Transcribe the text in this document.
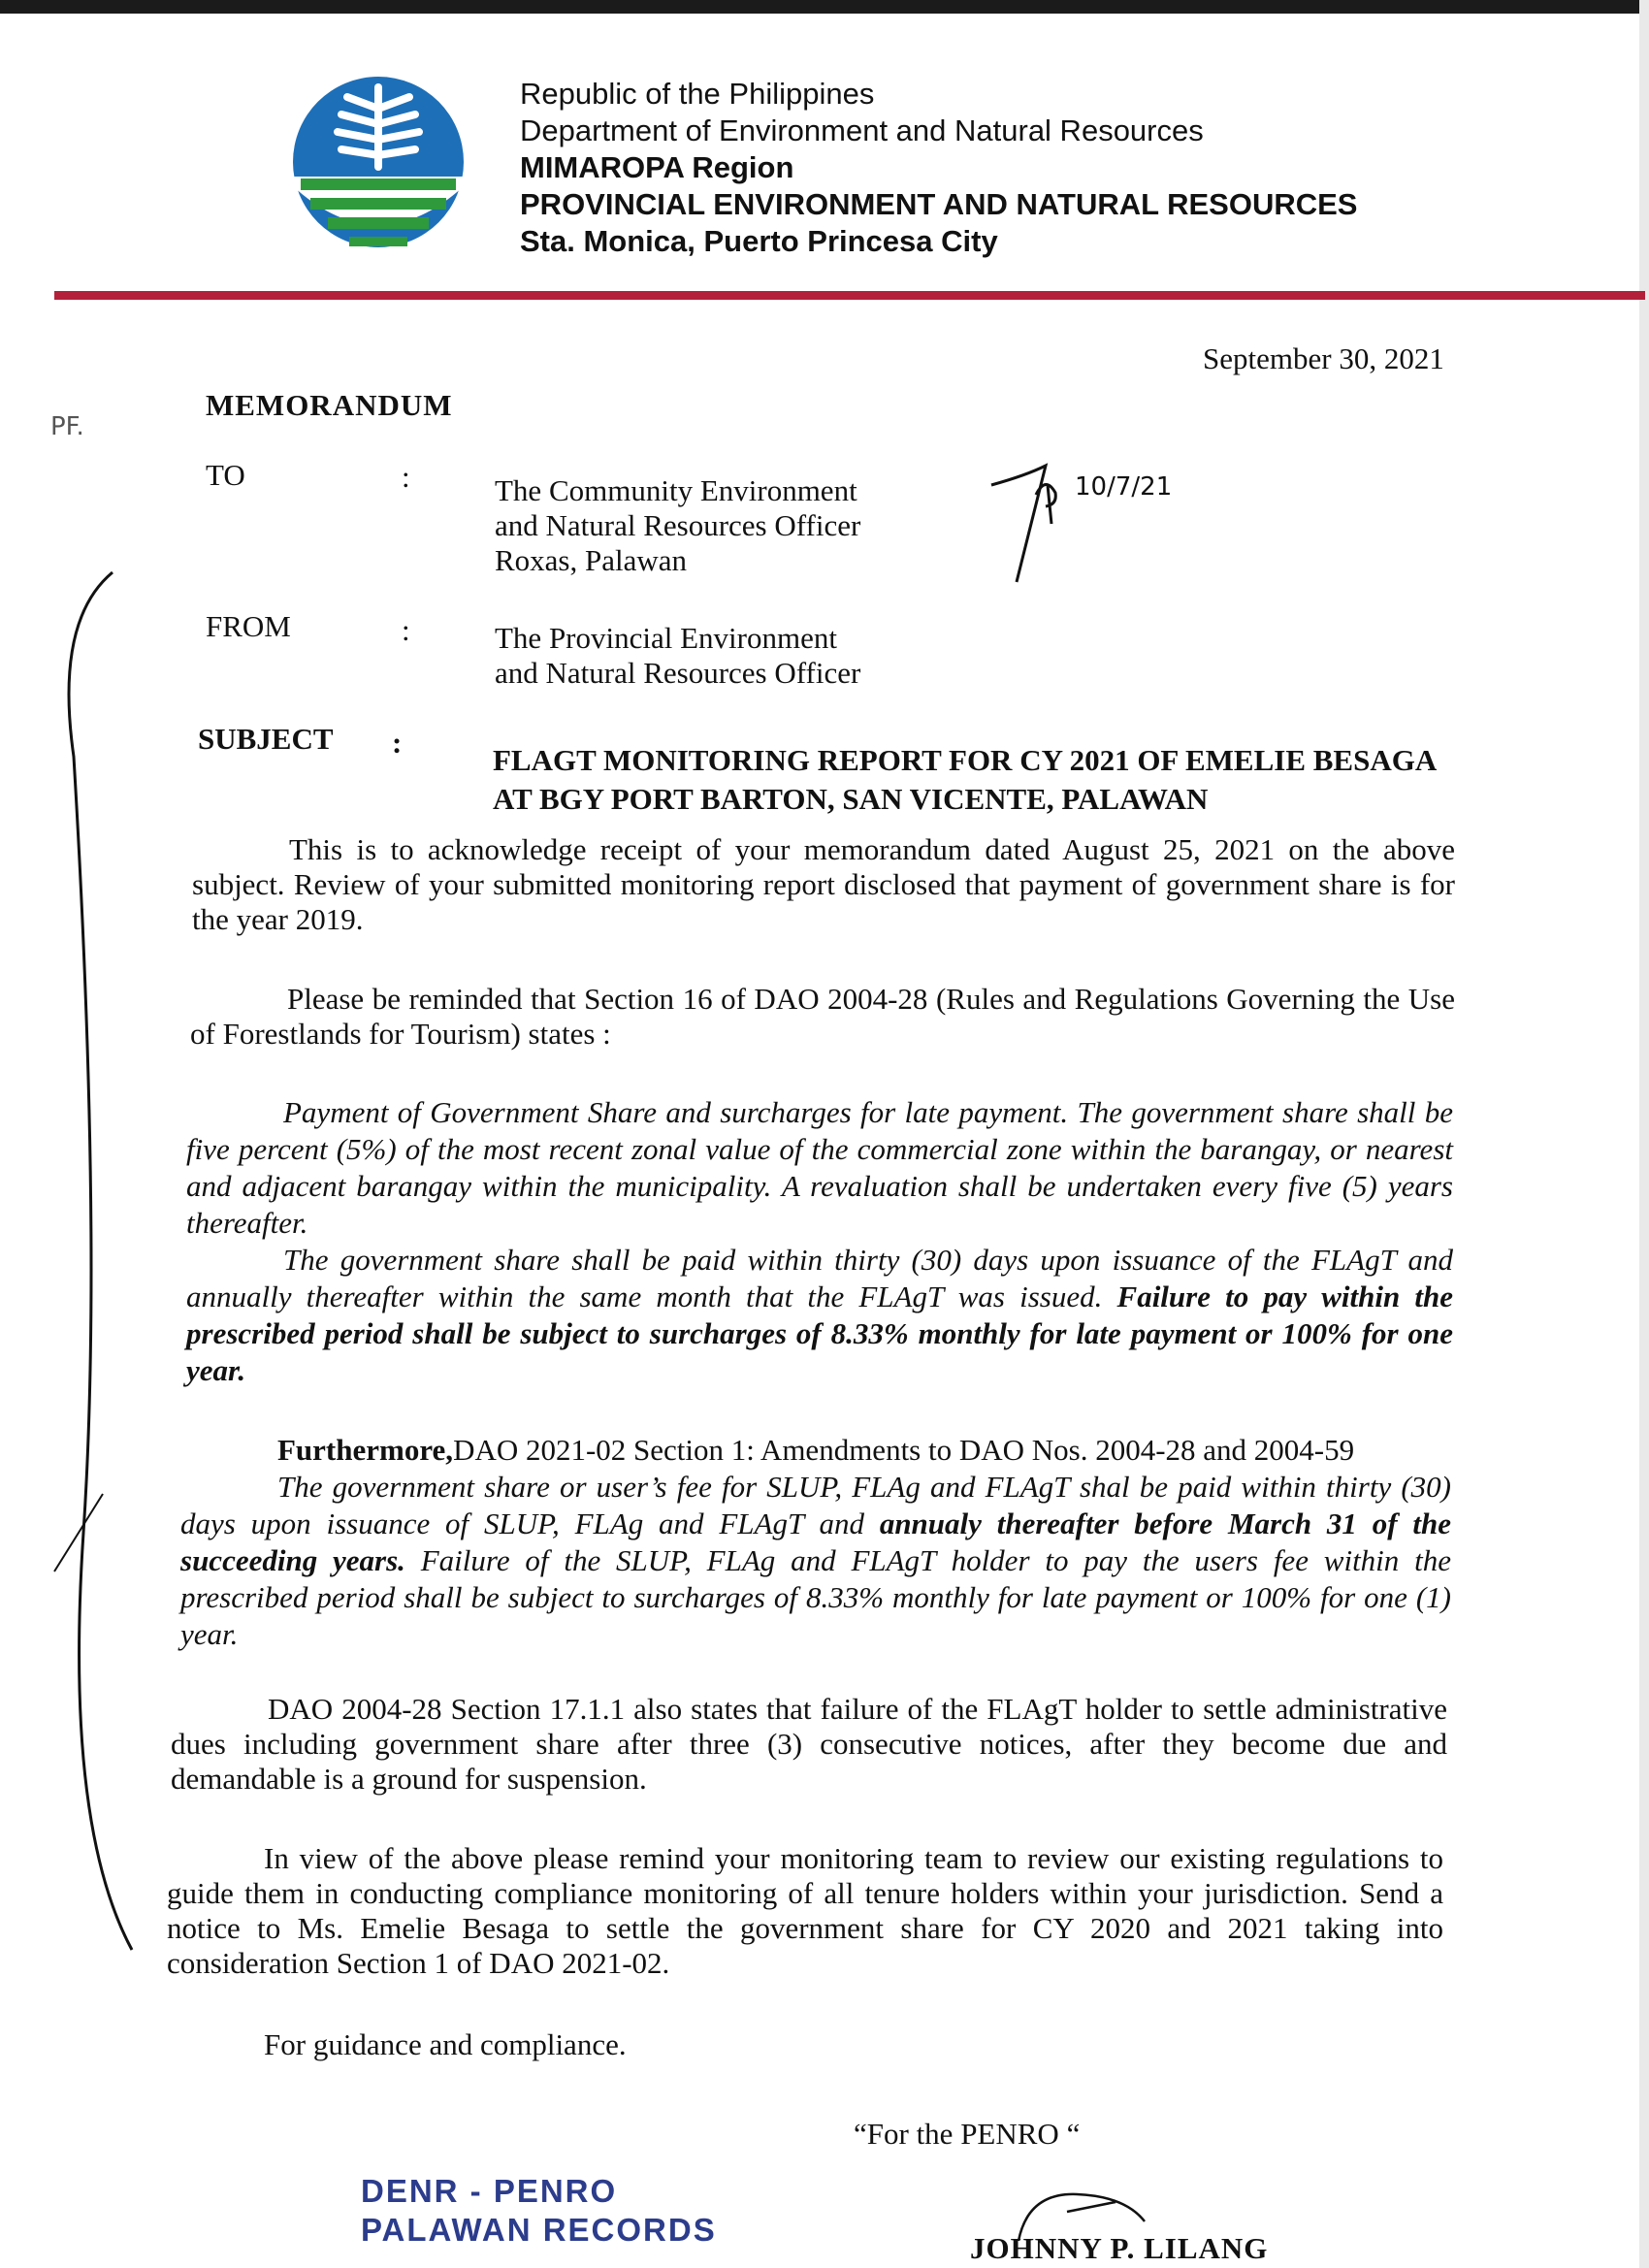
Republic of the Philippines
Department of Environment and Natural Resources
MIMAROPA Region
PROVINCIAL ENVIRONMENT AND NATURAL RESOURCES
Sta. Monica, Puerto Princesa City
September 30, 2021
MEMORANDUM
PF.
TO	:	The Community Environment
and Natural Resources Officer
Roxas, Palawan
10/7/21
FROM	:	The Provincial Environment
and Natural Resources Officer
SUBJECT :
FLAGT MONITORING REPORT FOR CY 2021 OF EMELIE BESAGA AT BGY PORT BARTON, SAN VICENTE, PALAWAN

This is to acknowledge receipt of your memorandum dated August 25, 2021 on the above subject. Review of your submitted monitoring report disclosed that payment of government share is for the year 2019.

Please be reminded that Section 16 of DAO 2004-28 (Rules and Regulations Governing the Use of Forestlands for Tourism) states :

Payment of Government Share and surcharges for late payment. The government share shall be five percent (5%) of the most recent zonal value of the commercial zone within the barangay, or nearest and adjacent barangay within the municipality. A revaluation shall be undertaken every five (5) years thereafter.

The government share shall be paid within thirty (30) days upon issuance of the FLAgT and annually thereafter within the same month that the FLAgT was issued. Failure to pay within the prescribed period shall be subject to surcharges of 8.33% monthly for late payment or 100% for one year.

Furthermore,DAO 2021-02 Section 1: Amendments to DAO Nos. 2004-28 and 2004-59

The government share or user’s fee for SLUP, FLAg and FLAgT shal be paid within thirty (30) days upon issuance of SLUP, FLAg and FLAgT and annualy thereafter before March 31 of the succeeding years. Failure of the SLUP, FLAg and FLAgT holder to pay the users fee within the prescribed period shall be subject to surcharges of 8.33% monthly for late payment or 100% for one (1) year.

DAO 2004-28 Section 17.1.1 also states that failure of the FLAgT holder to settle administrative dues including government share after three (3) consecutive notices, after they become due and demandable is a ground for suspension.

In view of the above please remind your monitoring team to review our existing regulations to guide them in conducting compliance monitoring of all tenure holders within your jurisdiction. Send a notice to Ms. Emelie Besaga to settle the government share for CY 2020 and 2021 taking into consideration Section 1 of DAO 2021-02.

For guidance and compliance.

“For the PENRO “
DENR - PENRO
PALAWAN RECORDS
JOHNNY P. LILANG
